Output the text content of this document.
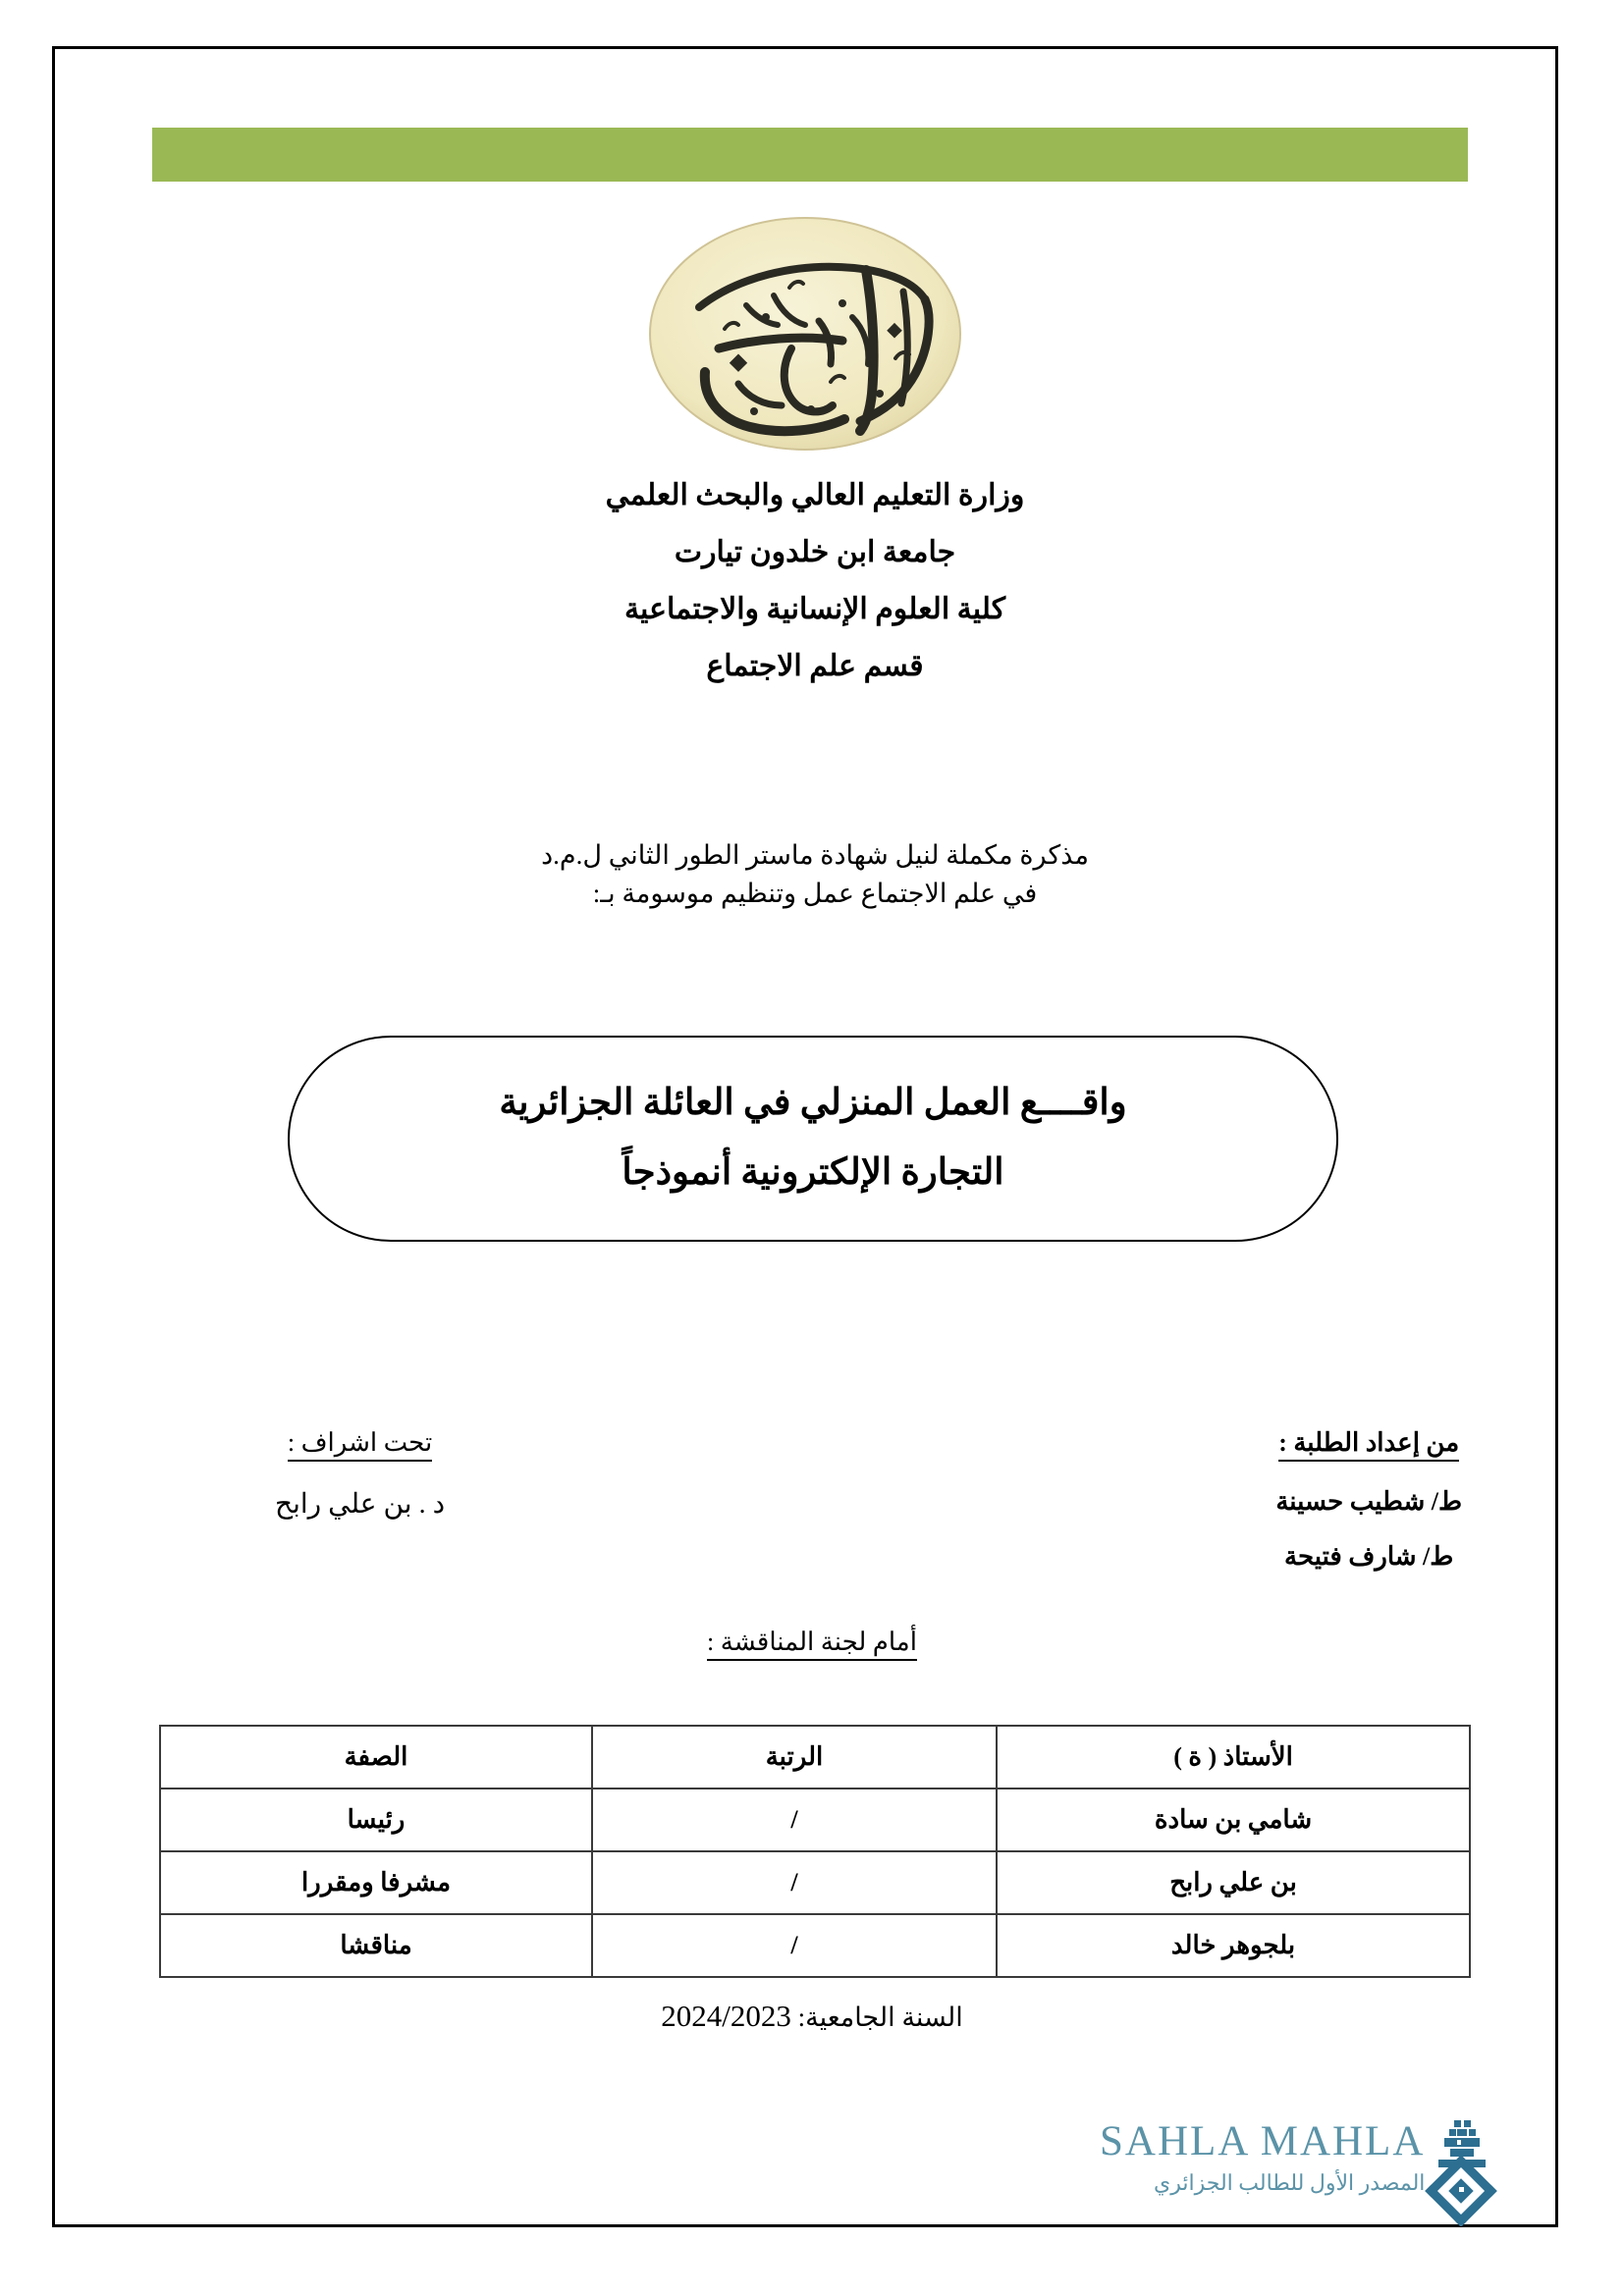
وزارة التعليم العالي والبحث العلمي
جامعة ابن خلدون تيارت
كلية العلوم الإنسانية والاجتماعية
قسم علم الاجتماع
مذكرة مكملة لنيل شهادة ماستر الطور الثاني ل.م.د
في علم الاجتماع عمل وتنظيم موسومة بـ:
واقــــع العمل المنزلي في العائلة الجزائرية
التجارة الإلكترونية أنموذجاً
من إعداد الطلبة :
ط/ شطيب حسينة
ط/ شارف فتيحة
تحت اشراف :
د . بن علي رابح
أمام لجنة المناقشة :
الأستاذ ( ة )	الرتبة	الصفة
شامي بن سادة	/	رئيسا
بن علي رابح	/	مشرفا ومقررا
بلجوهر خالد	/	مناقشا
السنة الجامعية: 2024/2023
SAHLA MAHLA
المصدر الأول للطالب الجزائري
